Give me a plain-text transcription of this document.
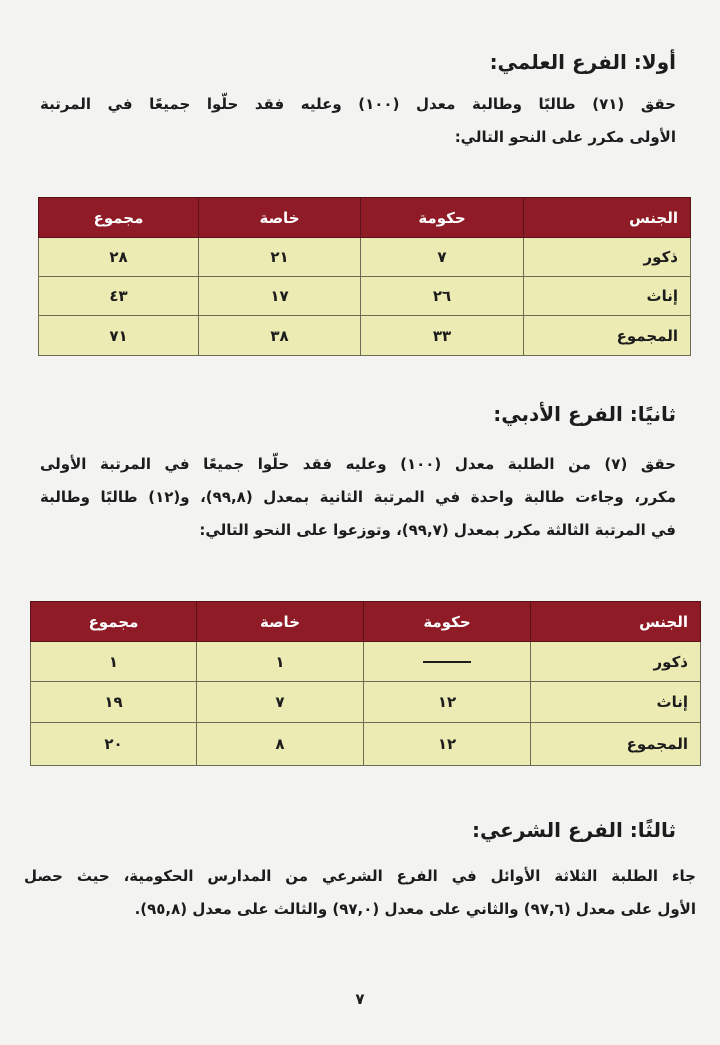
أولا: الفرع العلمي:

حقق (٧١) طالبًا وطالبة معدل (١٠٠) وعليه فقد حلّوا جميعًا في المرتبة
الأولى مكرر على النحو التالي:

الجنس	حكومة	خاصة	مجموع
ذكور	٧	٢١	٢٨
إناث	٢٦	١٧	٤٣
المجموع	٣٣	٣٨	٧١
ثانيًا: الفرع الأدبي:

حقق (٧) من الطلبة معدل (١٠٠) وعليه فقد حلّوا جميعًا في المرتبة الأولى
مكرر، وجاءت طالبة واحدة في المرتبة الثانية بمعدل (٩٩,٨)، و(١٢) طالبًا وطالبة
في المرتبة الثالثة مكرر بمعدل (٩٩,٧)، وتوزعوا على النحو التالي:

الجنس	حكومة	خاصة	مجموع
ذكور		١	١
إناث	١٢	٧	١٩
المجموع	١٢	٨	٢٠
ثالثًا: الفرع الشرعي:

جاء الطلبة الثلاثة الأوائل في الفرع الشرعي من المدارس الحكومية، حيث حصل
الأول على معدل (٩٧,٦) والثاني على معدل (٩٧,٠) والثالث على معدل (٩٥,٨).

٧
